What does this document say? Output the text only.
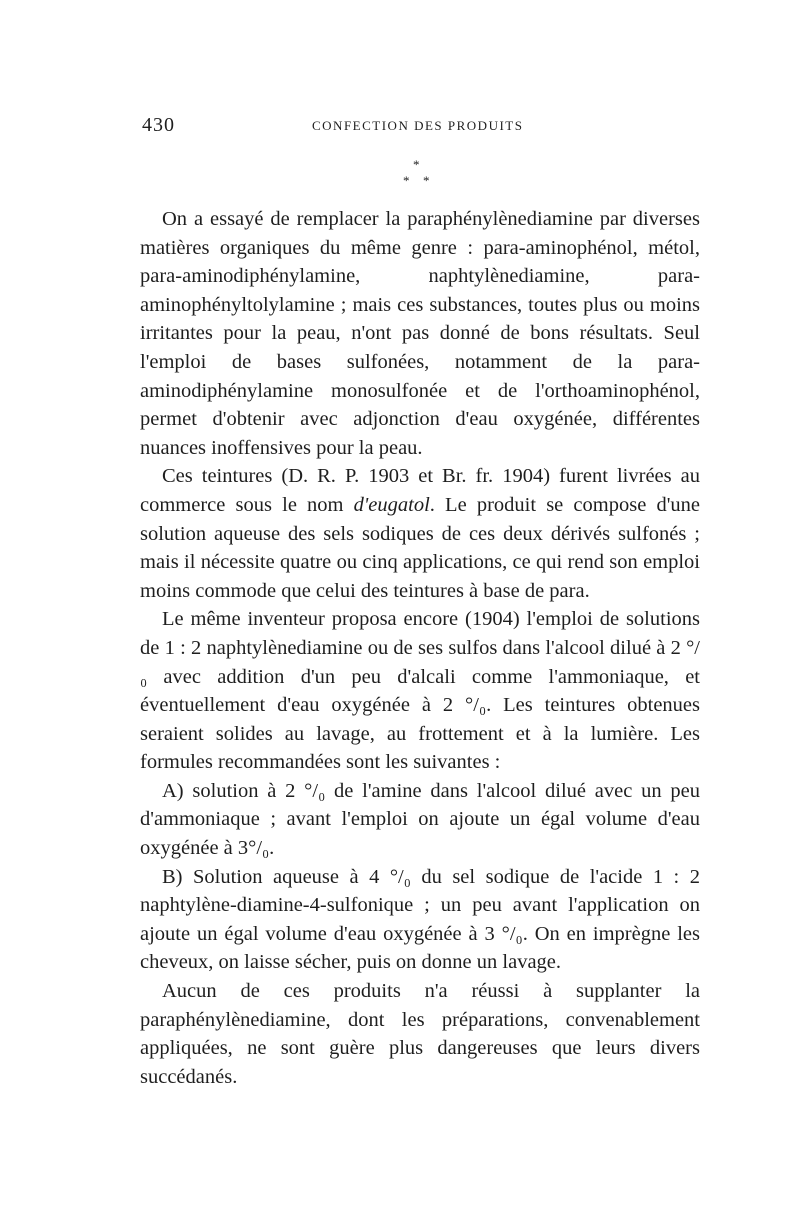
430	CONFECTION DES PRODUITS
*
* *

On a essayé de remplacer la paraphénylènediamine par diverses matières organiques du même genre : para-aminophénol, métol, para-aminodiphénylamine, naphtylènediamine, para-aminophényltolylamine ; mais ces substances, toutes plus ou moins irritantes pour la peau, n'ont pas donné de bons résultats. Seul l'emploi de bases sulfonées, notamment de la para-aminodiphénylamine monosulfonée et de l'orthoaminophénol, permet d'obtenir avec adjonction d'eau oxygénée, différentes nuances inoffensives pour la peau.

Ces teintures (D. R. P. 1903 et Br. fr. 1904) furent livrées au commerce sous le nom d'eugatol. Le produit se compose d'une solution aqueuse des sels sodiques de ces deux dérivés sulfonés ; mais il nécessite quatre ou cinq applications, ce qui rend son emploi moins commode que celui des teintures à base de para.

Le même inventeur proposa encore (1904) l'emploi de solutions de 1 : 2 naphtylènediamine ou de ses sulfos dans l'alcool dilué à 2 °/₀ avec addition d'un peu d'alcali comme l'ammoniaque, et éventuellement d'eau oxygénée à 2 °/₀. Les teintures obtenues seraient solides au lavage, au frottement et à la lumière. Les formules recommandées sont les suivantes :

A) solution à 2 °/₀ de l'amine dans l'alcool dilué avec un peu d'ammoniaque ; avant l'emploi on ajoute un égal volume d'eau oxygénée à 3°/₀.

B) Solution aqueuse à 4 °/₀ du sel sodique de l'acide 1 : 2 naphtylène-diamine-4-sulfonique ; un peu avant l'application on ajoute un égal volume d'eau oxygénée à 3 °/₀. On en imprègne les cheveux, on laisse sécher, puis on donne un lavage.

Aucun de ces produits n'a réussi à supplanter la paraphénylènediamine, dont les préparations, convenablement appliquées, ne sont guère plus dangereuses que leurs divers succédanés.
